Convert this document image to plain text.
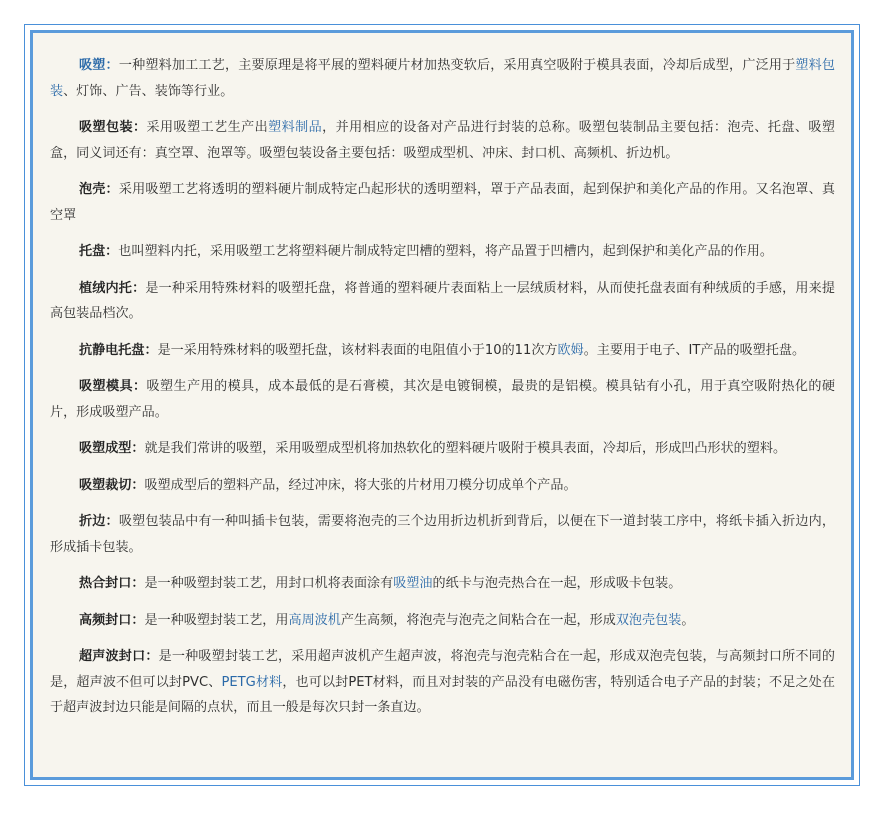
吸塑：一种塑料加工工艺，主要原理是将平展的塑料硬片材加热变软后，采用真空吸附于模具表面，冷却后成型，广泛用于塑料包装、灯饰、广告、装饰等行业。

吸塑包装：采用吸塑工艺生产出塑料制品，并用相应的设备对产品进行封装的总称。吸塑包装制品主要包括：泡壳、托盘、吸塑盒，同义词还有：真空罩、泡罩等。吸塑包装设备主要包括：吸塑成型机、冲床、封口机、高频机、折边机。

泡壳：采用吸塑工艺将透明的塑料硬片制成特定凸起形状的透明塑料，罩于产品表面，起到保护和美化产品的作用。又名泡罩、真空罩

托盘：也叫塑料内托，采用吸塑工艺将塑料硬片制成特定凹槽的塑料，将产品置于凹槽内，起到保护和美化产品的作用。

植绒内托：是一种采用特殊材料的吸塑托盘，将普通的塑料硬片表面粘上一层绒质材料，从而使托盘表面有种绒质的手感，用来提高包装品档次。

抗静电托盘：是一采用特殊材料的吸塑托盘，该材料表面的电阻值小于10的11次方欧姆。主要用于电子、IT产品的吸塑托盘。

吸塑模具：吸塑生产用的模具，成本最低的是石膏模，其次是电镀铜模，最贵的是铝模。模具钻有小孔，用于真空吸附热化的硬片，形成吸塑产品。

吸塑成型：就是我们常讲的吸塑，采用吸塑成型机将加热软化的塑料硬片吸附于模具表面，冷却后，形成凹凸形状的塑料。

吸塑裁切：吸塑成型后的塑料产品，经过冲床，将大张的片材用刀模分切成单个产品。

折边：吸塑包装品中有一种叫插卡包装，需要将泡壳的三个边用折边机折到背后，以便在下一道封装工序中，将纸卡插入折边内，形成插卡包装。

热合封口：是一种吸塑封装工艺，用封口机将表面涂有吸塑油的纸卡与泡壳热合在一起，形成吸卡包装。

高频封口：是一种吸塑封装工艺，用高周波机产生高频，将泡壳与泡壳之间粘合在一起，形成双泡壳包装。

超声波封口：是一种吸塑封装工艺，采用超声波机产生超声波，将泡壳与泡壳粘合在一起，形成双泡壳包装，与高频封口所不同的是，超声波不但可以封PVC、PETG材料，也可以封PET材料，而且对封装的产品没有电磁伤害，特别适合电子产品的封装；不足之处在于超声波封边只能是间隔的点状，而且一般是每次只封一条直边。
